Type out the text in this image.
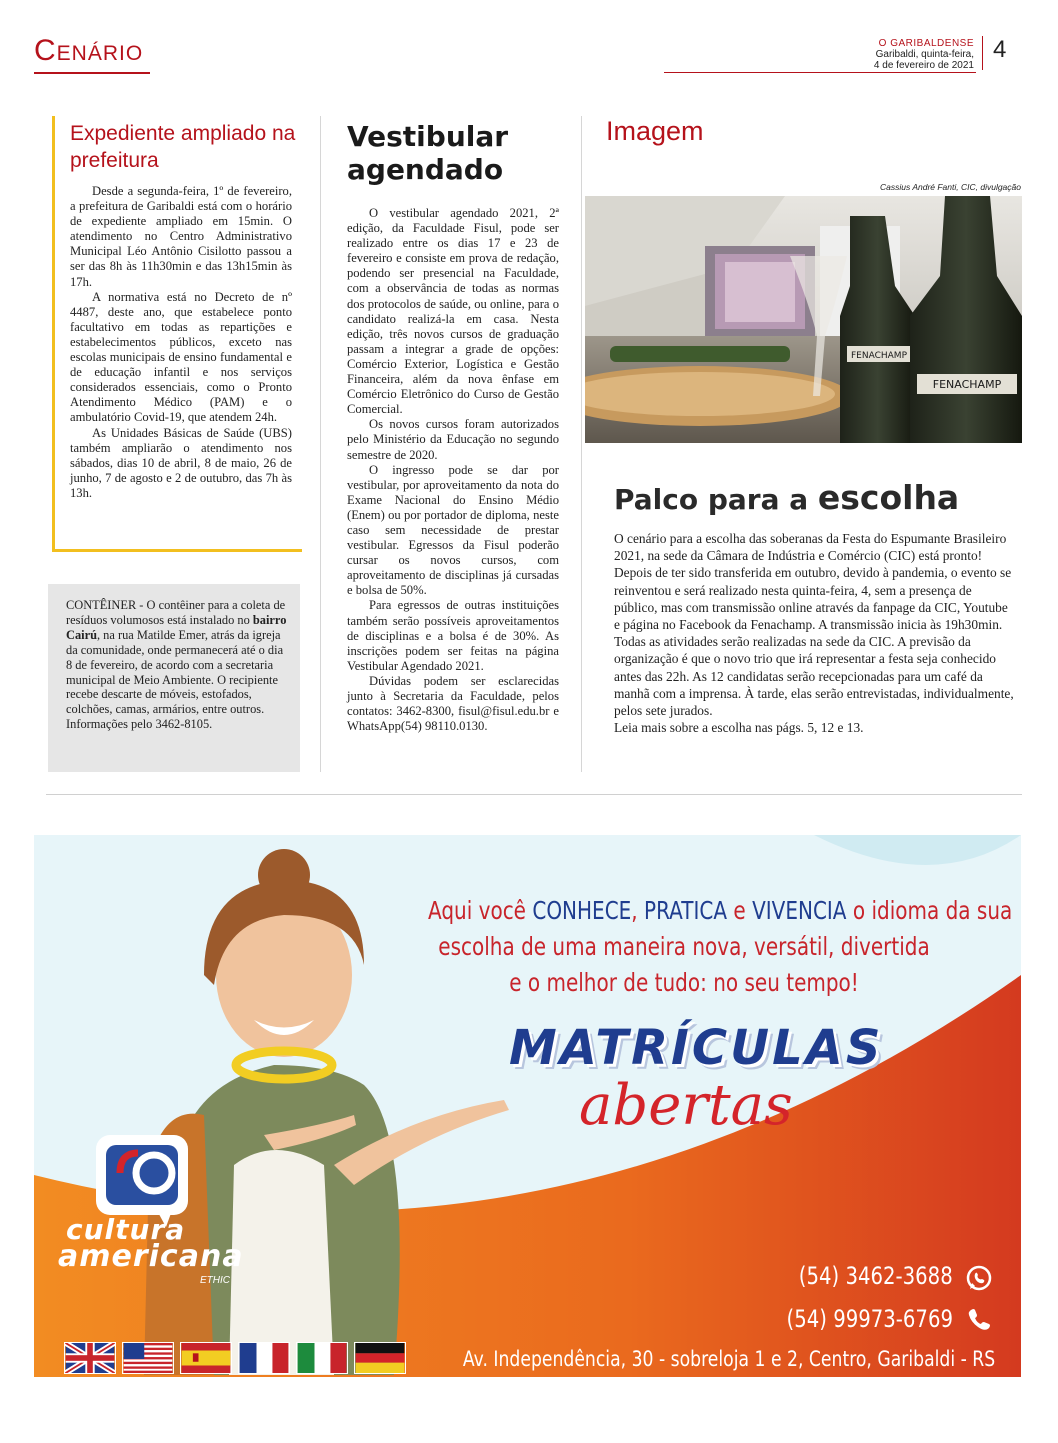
Cenário	O GARIBALDENSE
Garibaldi, quinta-feira,
4 de fevereiro de 2021
4
Expediente ampliado na prefeitura

Desde a segunda-feira, 1º de fevereiro, a prefeitura de Garibaldi está com o horário de expediente ampliado em 15min. O atendimento no Centro Administrativo Municipal Léo Antônio Cisilotto passou a ser das 8h às 11h30min e das 13h15min às 17h.

A normativa está no Decreto de nº 4487, deste ano, que estabelece ponto facultativo em todas as repartições e estabelecimentos públicos, exceto nas escolas municipais de ensino fundamental e de educação infantil e nos serviços considerados essenciais, como o Pronto Atendimento Médico (PAM) e o ambulatório Covid-19, que atendem 24h.

As Unidades Básicas de Saúde (UBS) também ampliarão o atendimento nos sábados, dias 10 de abril, 8 de maio, 26 de junho, 7 de agosto e 2 de outubro, das 7h às 13h.

CONTÊINER - O contêiner para a coleta de resíduos volumosos está instalado no bairro Cairú, na rua Matilde Emer, atrás da igreja da comunidade, onde permanecerá até o dia 8 de fevereiro, de acordo com a secretaria municipal de Meio Ambiente. O recipiente recebe descarte de móveis, estofados, colchões, camas, armários, entre outros.
Informações pelo 3462-8105.
Vestibular agendado

O vestibular agendado 2021, 2ª edição, da Faculdade Fisul, pode ser realizado entre os dias 17 e 23 de fevereiro e consiste em prova de redação, podendo ser presencial na Faculdade, com a observância de todas as normas dos protocolos de saúde, ou online, para o candidato realizá-la em casa. Nesta edição, três novos cursos de graduação passam a integrar a grade de opções: Comércio Exterior, Logística e Gestão Financeira, além da nova ênfase em Comércio Eletrônico do Curso de Gestão Comercial.

Os novos cursos foram autorizados pelo Ministério da Educação no segundo semestre de 2020.

O ingresso pode se dar por vestibular, por aproveitamento da nota do Exame Nacional do Ensino Médio (Enem) ou por portador de diploma, neste caso sem necessidade de prestar vestibular. Egressos da Fisul poderão cursar os novos cursos, com aproveitamento de disciplinas já cursadas e bolsa de 50%.

Para egressos de outras instituições também serão possíveis aproveitamentos de disciplinas e a bolsa é de 30%. As inscrições podem ser feitas na página Vestibular Agendado 2021.

Dúvidas podem ser esclarecidas junto à Secretaria da Faculdade, pelos contatos: 3462-8300, fisul@fisul.edu.br e WhatsApp(54) 98110.0130.

Imagem
Cassius André Fanti, CIC, divulgação
FENACHAMP
FENACHAMP
Palco para a escolha

O cenário para a escolha das soberanas da Festa do Espumante Brasileiro 2021, na sede da Câmara de Indústria e Comércio (CIC) está pronto! Depois de ter sido transferida em outubro, devido à pandemia, o evento se reinventou e será realizado nesta quinta-feira, 4, sem a presença de público, mas com transmissão online através da fanpage da CIC, Youtube e página no Facebook da Fenachamp. A transmissão inicia às 19h30min. Todas as atividades serão realizadas na sede da CIC. A previsão da organização é que o novo trio que irá representar a festa seja conhecido antes das 22h. As 12 candidatas serão recepcionadas para um café da manhã com a imprensa. À tarde, elas serão entrevistadas, individualmente, pelos sete jurados.

Leia mais sobre a escolha nas págs. 5, 12 e 13.

Aqui você CONHECE, PRATICA e VIVENCIA o idioma da sua
escolha de uma maneira nova, versátil, divertida
e o melhor de tudo: no seu tempo!
MATRÍCULAS
abertas
cultura
americana
ETHIC	(54) 3462-3688
(54) 99973-6769
Av. Independência, 30 - sobreloja 1 e 2, Centro, Garibaldi - RS
